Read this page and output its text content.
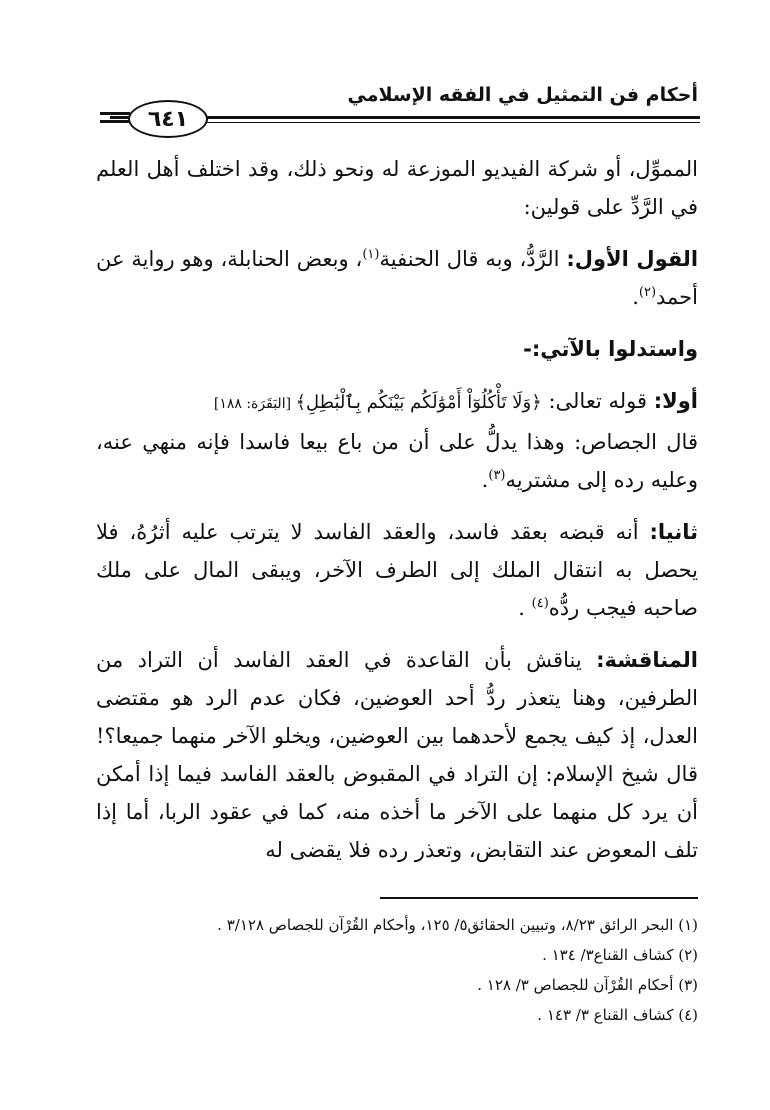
أحكام فن التمثيل في الفقه الإسلامي
٦٤١

المموِّل، أو شركة الفيديو الموزعة له ونحو ذلك، وقد اختلف أهل العلم في الرَّدِّ على قولين:

القول الأول: الرَّدُّ، وبه قال الحنفية$^{(١)}$، وبعض الحنابلة، وهو رواية عن أحمد$^{(٢)}$.

واستدلوا بالآتي:-

أولا: قوله تعالى: ﴿وَلَا تَأْكُلُوٓاْ أَمْوَٰلَكُم بَيْنَكُم بِٱلْبَٰطِلِ﴾ [البَقَرَة: ١٨٨]
قال الجصاص: وهذا يدلُّ على أن من باع بيعا فاسدا فإنه منهي عنه، وعليه رده إلى مشتريه$^{(٣)}$.

ثانيا: أنه قبضه بعقد فاسد، والعقد الفاسد لا يترتب عليه أثرُهُ، فلا يحصل به انتقال الملك إلى الطرف الآخر، ويبقى المال على ملك صاحبه فيجب ردُّه$^{(٤)}$ .

المناقشة: يناقش بأن القاعدة في العقد الفاسد أن التراد من الطرفين، وهنا يتعذر ردُّ أحد العوضين، فكان عدم الرد هو مقتضى العدل، إذ كيف يجمع لأحدهما بين العوضين، ويخلو الآخر منهما جميعا؟! قال شيخ الإسلام: إن التراد في المقبوض بالعقد الفاسد فيما إذا أمكن أن يرد كل منهما على الآخر ما أخذه منه، كما في عقود الربا، أما إذا تلف المعوض عند التقابض، وتعذر رده فلا يقضى له

(١) البحر الرائق ٨/٢٣، وتبيين الحقائق٥/ ١٢٥، وأحكام القُرْآن للجصاص ٣/١٢٨ .

(٢) كشاف القناع٣/ ١٣٤ .

(٣) أحكام القُرْآن للجصاص ٣/ ١٢٨ .

(٤) كشاف القناع ٣/ ١٤٣ .
